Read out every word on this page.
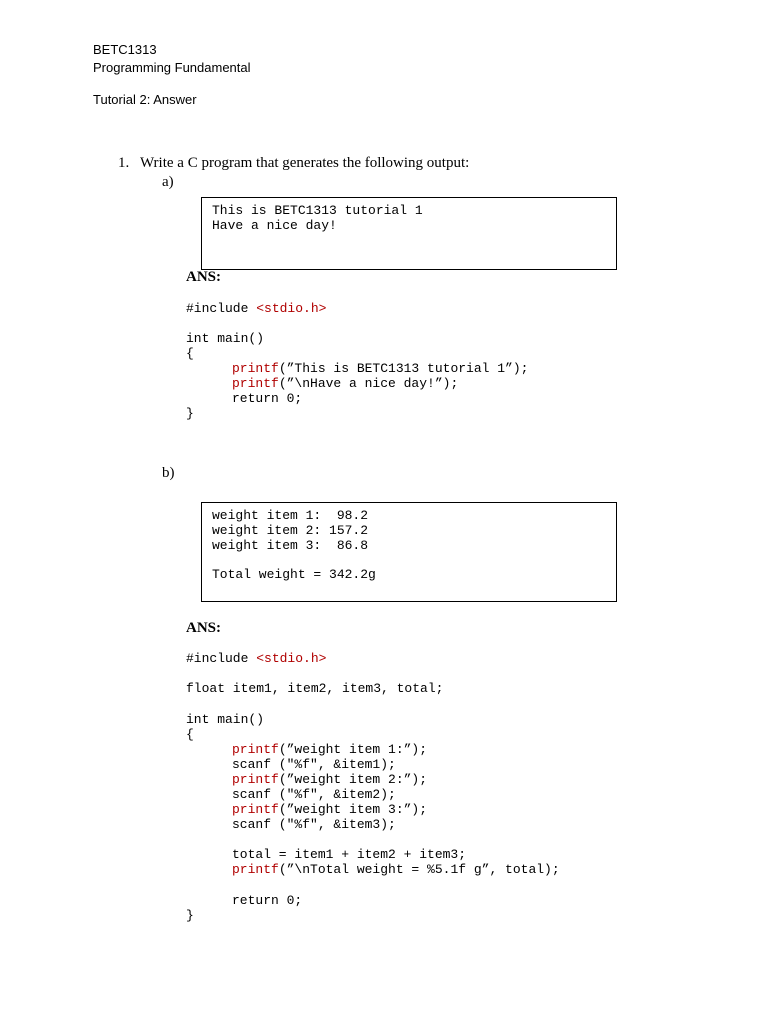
BETC1313
Programming Fundamental
Tutorial 2: Answer
1. Write a C program that generates the following output:
a)
This is BETC1313 tutorial 1
Have a nice day!
ANS:
#include <stdio.h>
int main()
{
printf(”This is BETC1313 tutorial 1”);
printf(”\nHave a nice day!”);
return 0;
}
b)
weight item 1:  98.2
weight item 2: 157.2
weight item 3:  86.8
Total weight = 342.2g
ANS:
#include <stdio.h>
float item1, item2, item3, total;
int main()
{
printf(”weight item 1:”);
scanf ("%f", &item1);
printf(”weight item 2:”);
scanf ("%f", &item2);
printf(”weight item 3:”);
scanf ("%f", &item3);
total = item1 + item2 + item3;
printf(”\nTotal weight = %5.1f g”, total);
return 0;
}
